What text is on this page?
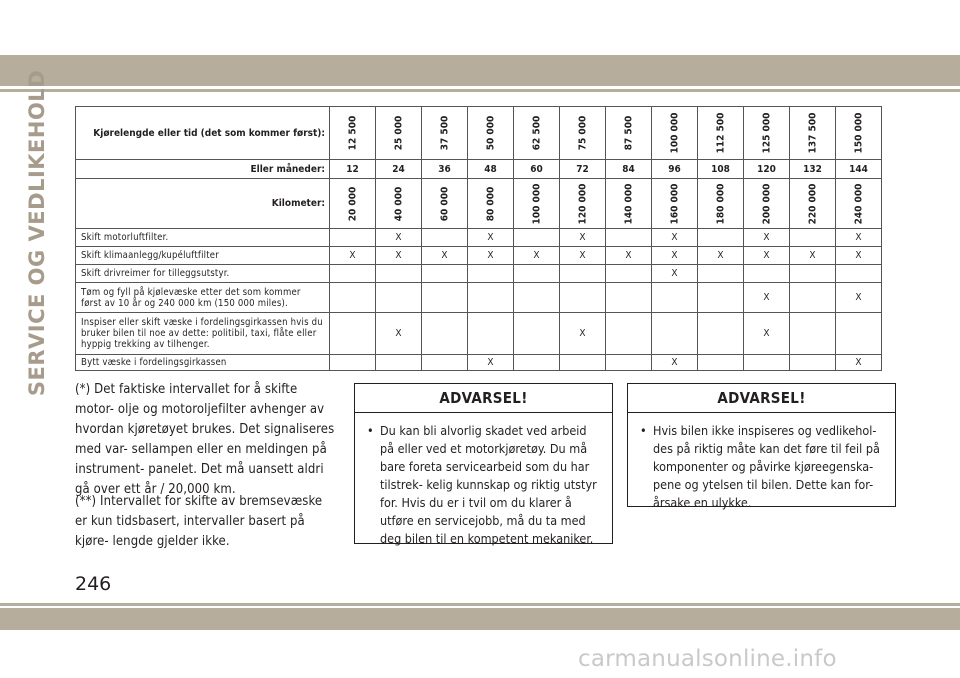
SERVICE OG VEDLIKEHOLD	Kjørelengde eller tid (det som kommer først):	12 500	25 000	37 500	50 000	62 500	75 000	87 500	100 000	112 500	125 000	137 500	150 000

Eller måneder:	12	24	36	48	60	72	84	96	108	120	132	144
Kilometer:	20 000	40 000	60 000	80 000	100 000	120 000	140 000	160 000	180 000	200 000	220 000	240 000

Skift motorluftfilter.		X		X		X		X		X		X
Skift klimaanlegg/kupéluftfilter	X	X	X	X	X	X	X	X	X	X	X	X
Skift drivreimer for tilleggsutstyr.								X				
Tøm og fyll på kjølevæske etter det som kommer først av 10 år og 240 000 km (150 000 miles).										X		X
Inspiser eller skift væske i fordelingsgirkassen hvis du bruker bilen til noe av dette: politibil, taxi, flåte eller hyppig trekking av tilhenger.		X				X				X		
Bytt væske i fordelingsgirkassen				X				X				X
(*) Det faktiske intervallet for å skifte motor- olje og motoroljefilter avhenger av hvordan kjøretøyet brukes. Det signaliseres med var- sellampen eller en meldingen på instrument- panelet. Det må uansett aldri gå over ett år / 20,000 km.
(**) Intervallet for skifte av bremsevæske er kun tidsbasert, intervaller basert på kjøre- lengde gjelder ikke.
ADVARSEL!
• Du kan bli alvorlig skadet ved arbeid på eller ved et motorkjøretøy. Du må bare foreta servicearbeid som du har tilstrek- kelig kunnskap og riktig utstyr for. Hvis du er i tvil om du klarer å utføre en servicejobb, må du ta med deg bilen til en kompetent mekaniker.
ADVARSEL!
• Hvis bilen ikke inspiseres og vedlikehol- des på riktig måte kan det føre til feil på komponenter og påvirke kjøreegenska- pene og ytelsen til bilen. Dette kan for- årsake en ulykke.
246
carmanualsonline.info
